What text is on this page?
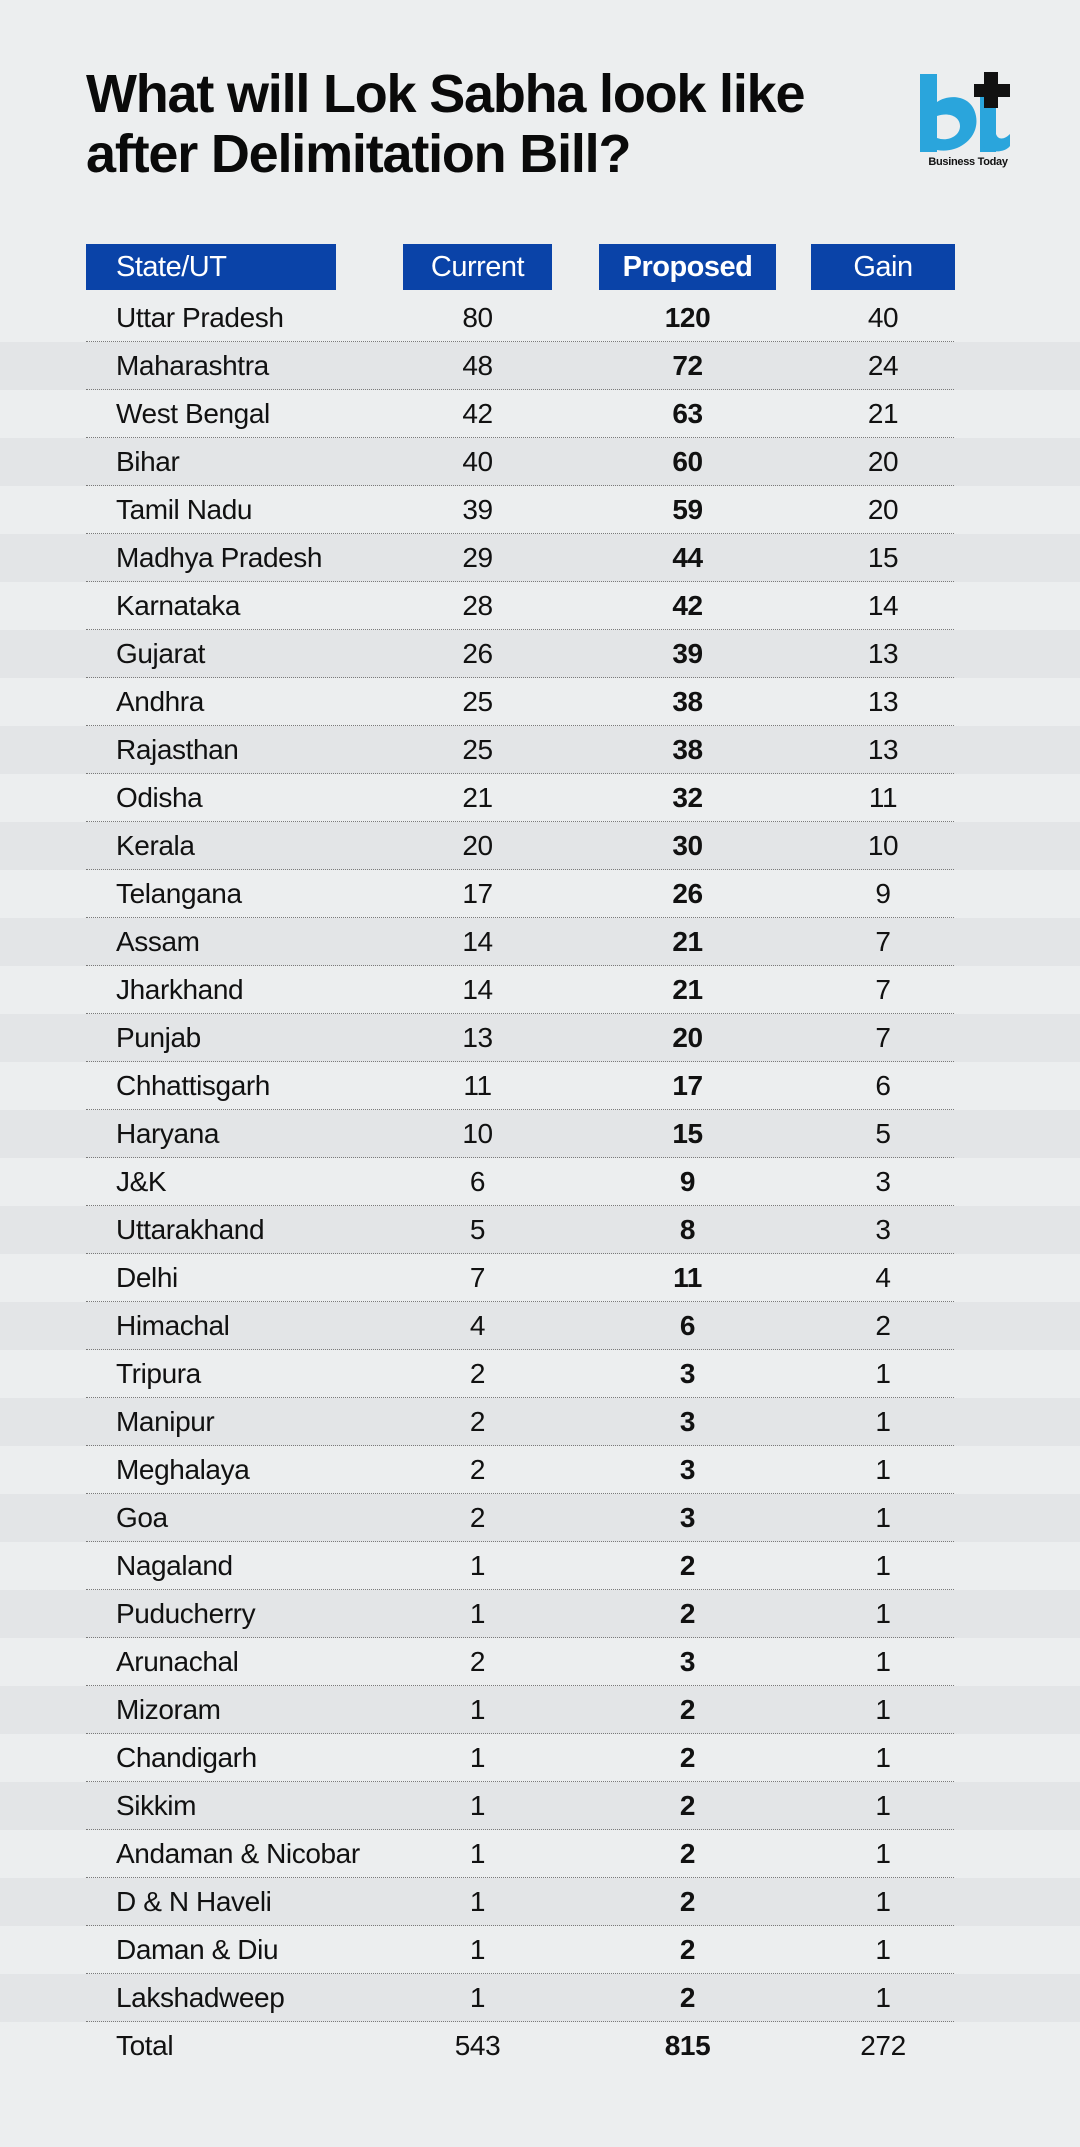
What will Lok Sabha look like
after Delimitation Bill?	Business Today
State/UT	Current	Proposed	Gain
Uttar Pradesh	80	120	40
Maharashtra	48	72	24
West Bengal	42	63	21
Bihar	40	60	20
Tamil Nadu	39	59	20
Madhya Pradesh	29	44	15
Karnataka	28	42	14
Gujarat	26	39	13
Andhra	25	38	13
Rajasthan	25	38	13
Odisha	21	32	11
Kerala	20	30	10
Telangana	17	26	9
Assam	14	21	7
Jharkhand	14	21	7
Punjab	13	20	7
Chhattisgarh	11	17	6
Haryana	10	15	5
J&K	6	9	3
Uttarakhand	5	8	3
Delhi	7	11	4
Himachal	4	6	2
Tripura	2	3	1
Manipur	2	3	1
Meghalaya	2	3	1
Goa	2	3	1
Nagaland	1	2	1
Puducherry	1	2	1
Arunachal	2	3	1
Mizoram	1	2	1
Chandigarh	1	2	1
Sikkim	1	2	1
Andaman & Nicobar	1	2	1
D & N Haveli	1	2	1
Daman & Diu	1	2	1
Lakshadweep	1	2	1
Total	543	815	272
